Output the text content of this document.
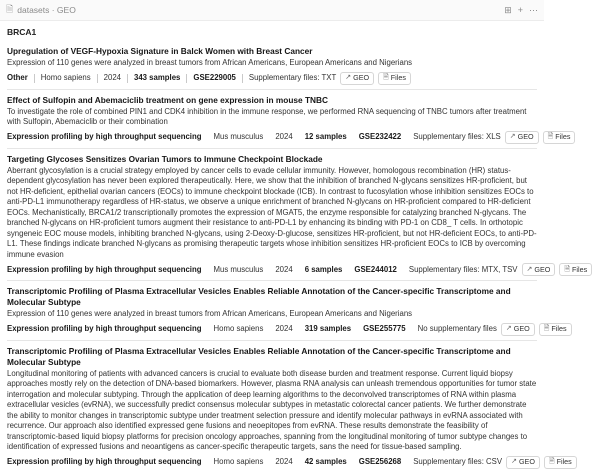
🗎 datasets · GEO	⊞ + ⋯
BRCA1
Upregulation of VEGF-Hypoxia Signature in Balck Women with Breast Cancer
Expression of 110 genes were analyzed in breast tumors from African Americans, European Americans and Nigerians
Other Homo sapiens 2024 343 samples GSE229005 Supplementary files: TXT ↗ GEO 🗎 Files
Effect of Sulfopin and Abemaciclib treatment on gene expression in mouse TNBC
To investigate the role of combined PIN1 and CDK4 inhibition in the immune response, we performed RNA sequencing of TNBC tumors after treatment with Sulfopin, Abemaciclib or their combination
Expression profiling by high throughput sequencing Mus musculus 2024 12 samples GSE232422 Supplementary files: XLS ↗ GEO 🗎 Files
Targeting Glycoses Sensitizes Ovarian Tumors to Immune Checkpoint Blockade
Aberrant glycosylation is a crucial strategy employed by cancer cells to evade cellular immunity. However, homologous recombination (HR) status-dependent glycosylation has never been explored therapeutically. Here, we show that the inhibition of branched N-glycans sensitizes HR-proficient, but not HR-deficient, epithelial ovarian cancers (EOCs) to immune checkpoint blockade (ICB). In contrast to fucosylation whose inhibition sensitizes EOCs to anti-PD-L1 immunotherapy regardless of HR-status, we observe a unique enrichment of branched N-glycans on HR-proficient compared to HR-deficient EOCs. Mechanistically, BRCA1/2 transcriptionally promotes the expression of MGAT5, the enzyme responsible for catalyzing branched N-glycans. The branched N-glycans on HR-proficient tumors augment their resistance to anti-PD-L1 by enhancing its binding with PD-1 on CD8_ T cells. In orthotopic syngeneic EOC mouse models, inhibiting branched N-glycans, using 2-Deoxy-D-glucose, sensitizes HR-proficient, but not HR-deficient EOCs, to anti-PD-L1. These findings indicate branched N-glycans as promising therapeutic targets whose inhibition sensitizes HR-proficient EOCs to ICB by overcoming immune evasion
Expression profiling by high throughput sequencing Mus musculus 2024 6 samples GSE244012 Supplementary files: MTX, TSV ↗ GEO 🗎 Files
Transcriptomic Profiling of Plasma Extracellular Vesicles Enables Reliable Annotation of the Cancer-specific Transcriptome and Molecular Subtype
Expression of 110 genes were analyzed in breast tumors from African Americans, European Americans and Nigerians
Expression profiling by high throughput sequencing Homo sapiens 2024 319 samples GSE255775 No supplementary files ↗ GEO 🗎 Files
Transcriptomic Profiling of Plasma Extracellular Vesicles Enables Reliable Annotation of the Cancer-specific Transcriptome and Molecular Subtype
Longitudinal monitoring of patients with advanced cancers is crucial to evaluate both disease burden and treatment response. Current liquid biopsy approaches mostly rely on the detection of DNA-based biomarkers. However, plasma RNA analysis can unleash tremendous opportunities for tumor state interrogation and molecular subtyping. Through the application of deep learning algorithms to the deconvolved transcriptomes of RNA within plasma extracellular vesicles (evRNA), we successfully predict consensus molecular subtypes in metastatic colorectal cancer patients. We further demonstrate the ability to monitor changes in transcriptomic subtype under treatment selection pressure and identify molecular pathways in evRNA associated with recurrence. Our approach also identified expressed gene fusions and neoepitopes from evRNA. These results demonstrate the feasibility of transcriptomic-based liquid biopsy platforms for precision oncology approaches, spanning from the longitudinal monitoring of tumor subtype changes to identification of expressed fusions and neoantigens as cancer-specific therapeutic targets, sans the need for tissue-based sampling.
Expression profiling by high throughput sequencing Homo sapiens 2024 42 samples GSE256268 Supplementary files: CSV ↗ GEO 🗎 Files
